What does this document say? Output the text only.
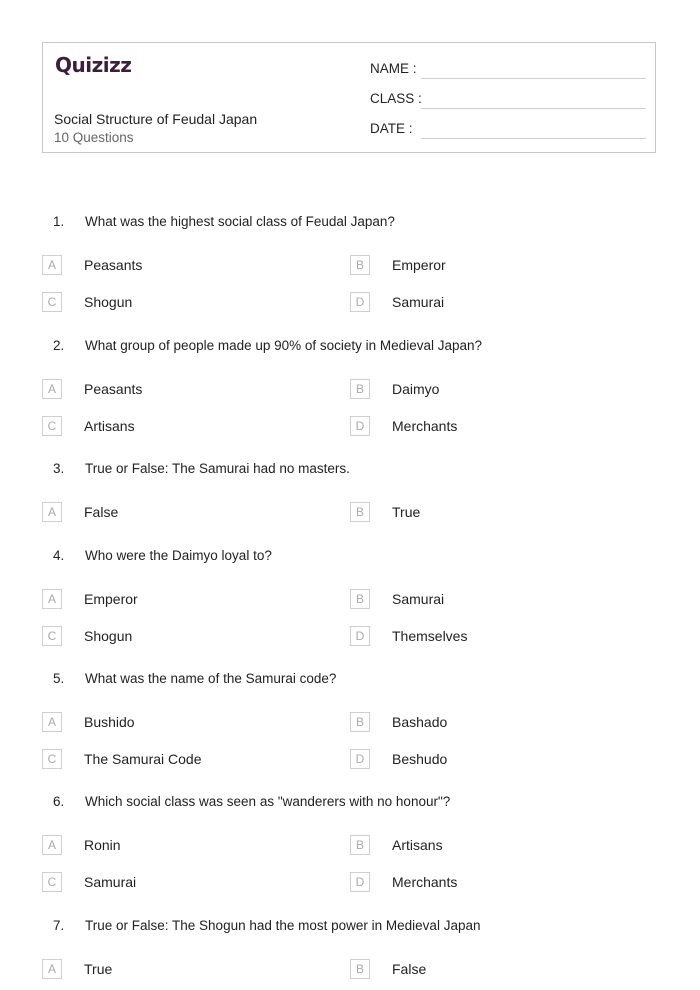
Quizizz
Social Structure of Feudal Japan
10 Questions
NAME :
CLASS :
DATE :
1. What was the highest social class of Feudal Japan?
A	Peasants	B	Emperor
C	Shogun	D	Samurai
2. What group of people made up 90% of society in Medieval Japan?
A	Peasants	B	Daimyo
C	Artisans	D	Merchants
3. True or False: The Samurai had no masters.
A	False	B	True
4. Who were the Daimyo loyal to?
A	Emperor	B	Samurai
C	Shogun	D	Themselves
5. What was the name of the Samurai code?
A	Bushido	B	Bashado
C	The Samurai Code	D	Beshudo
6. Which social class was seen as "wanderers with no honour"?
A	Ronin	B	Artisans
C	Samurai	D	Merchants
7. True or False: The Shogun had the most power in Medieval Japan
A	True	B	False
